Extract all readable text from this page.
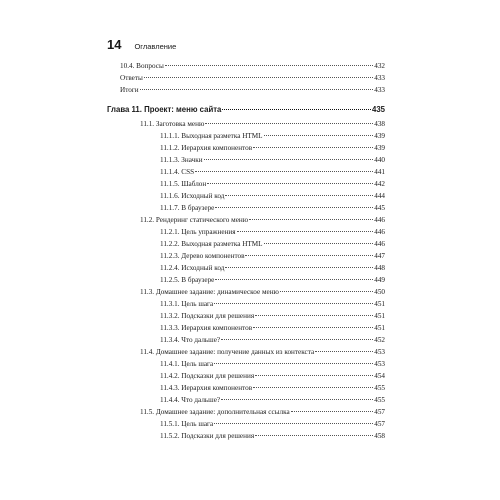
14 Оглавление
10.4. Вопросы	432
Ответы	433
Итоги	433
Глава 11. Проект: меню сайта	435
11.1. Заготовка меню	438
11.1.1. Выходная разметка HTML	439
11.1.2. Иерархия компонентов	439
11.1.3. Значки	440
11.1.4. CSS	441
11.1.5. Шаблон	442
11.1.6. Исходный код	444
11.1.7. В браузере	445
11.2. Рендеринг статического меню	446
11.2.1. Цель упражнения	446
11.2.2. Выходная разметка HTML	446
11.2.3. Дерево компонентов	447
11.2.4. Исходный код	448
11.2.5. В браузере	449
11.3. Домашнее задание: динамическое меню	450
11.3.1. Цель шага	451
11.3.2. Подсказки для решения	451
11.3.3. Иерархия компонентов	451
11.3.4. Что дальше?	452
11.4. Домашнее задание: получение данных из контекста	453
11.4.1. Цель шага	453
11.4.2. Подсказки для решения	454
11.4.3. Иерархия компонентов	455
11.4.4. Что дальше?	455
11.5. Домашнее задание: дополнительная ссылка	457
11.5.1. Цель шага	457
11.5.2. Подсказки для решения	458
